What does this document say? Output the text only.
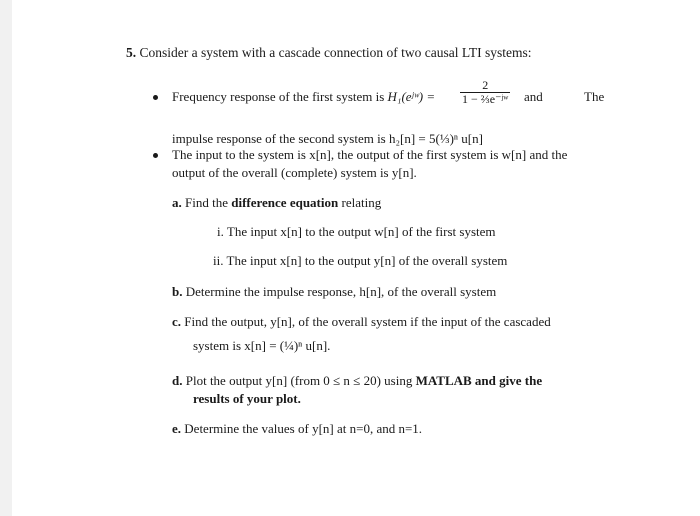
5. Consider a system with a cascade connection of two causal LTI systems:
Frequency response of the first system is H₁(eʲʷ) = $\frac{2}{\text{1 − ⅔e⁻ʲʷ}}$ and	The
impulse response of the second system is h₂[n] = 5(⅓)ⁿ u[n]
The input to the system is x[n], the output of the first system is w[n] and the
output of the overall (complete) system is y[n].
a. Find the difference equation relating
i. The input x[n] to the output w[n] of the first system
ii. The input x[n] to the output y[n] of the overall system
b. Determine the impulse response, h[n], of the overall system
c. Find the output, y[n], of the overall system if the input of the cascaded
system is x[n] = (¼)ⁿ u[n].
d. Plot the output y[n] (from 0 ≤ n ≤ 20) using MATLAB and give the
results of your plot.
e. Determine the values of y[n] at n=0, and n=1.
